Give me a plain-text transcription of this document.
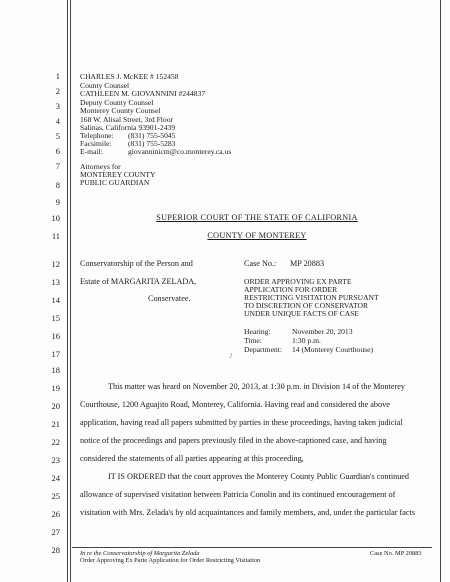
1
2
3
4
5
6
7
8
9
10
11
12
13
14
15
16
17
18
19
20
21
22
23
24
25
26
27
28
CHARLES J. McKEE # 152458
County Counsel
CATHLEEN M. GIOVANNINI #244837
Deputy County Counsel
Monterey County Counsel
168 W. Alisal Street, 3rd Floor
Salinas, California 93901-2439
Telephone: (831) 755-5045
Facsimile: (831) 755-5283
E-mail:	giovanninicm@co.monterey.ca.us
Attorneys for
MONTEREY COUNTY
PUBLIC GUARDIAN
SUPERIOR COURT OF THE STATE OF CALIFORNIA
COUNTY OF MONTEREY
Conservatorship of the Person and
Estate of MARGARITA ZELADA,
Conservatee.
Case No.: MP 20883
ORDER APPROVING EX PARTE
APPLICATION FOR ORDER
RESTRICTING VISITATION PURSUANT
TO DISCRETION OF CONSERVATOR
UNDER UNIQUE FACTS OF CASE
Hearing:	November 20, 2013
Time:	1:30 p.m.
Department: 14 (Monterey Courthouse)
/
This matter was heard on November 20, 2013, at 1:30 p.m. in Division 14 of the Monterey
Courthouse, 1200 Aguajito Road, Monterey, California. Having read and considered the above
application, having read all papers submitted by parties in these proceedings, having taken judicial
notice of the proceedings and papers previously filed in the above-captioned case, and having
considered the statements of all parties appearing at this proceeding,
IT IS ORDERED that the court approves the Monterey County Public Guardian's continued
allowance of supervised visitation between Patricia Conolin and its continued encouragement of
visitation with Mrs. Zelada's by old acquaintances and family members, and, under the particular facts
In re the Conservatorship of Margarita Zelada
Order Approving Ex Parte Application for Order Restricting Visitation
Case No. MP 20883
